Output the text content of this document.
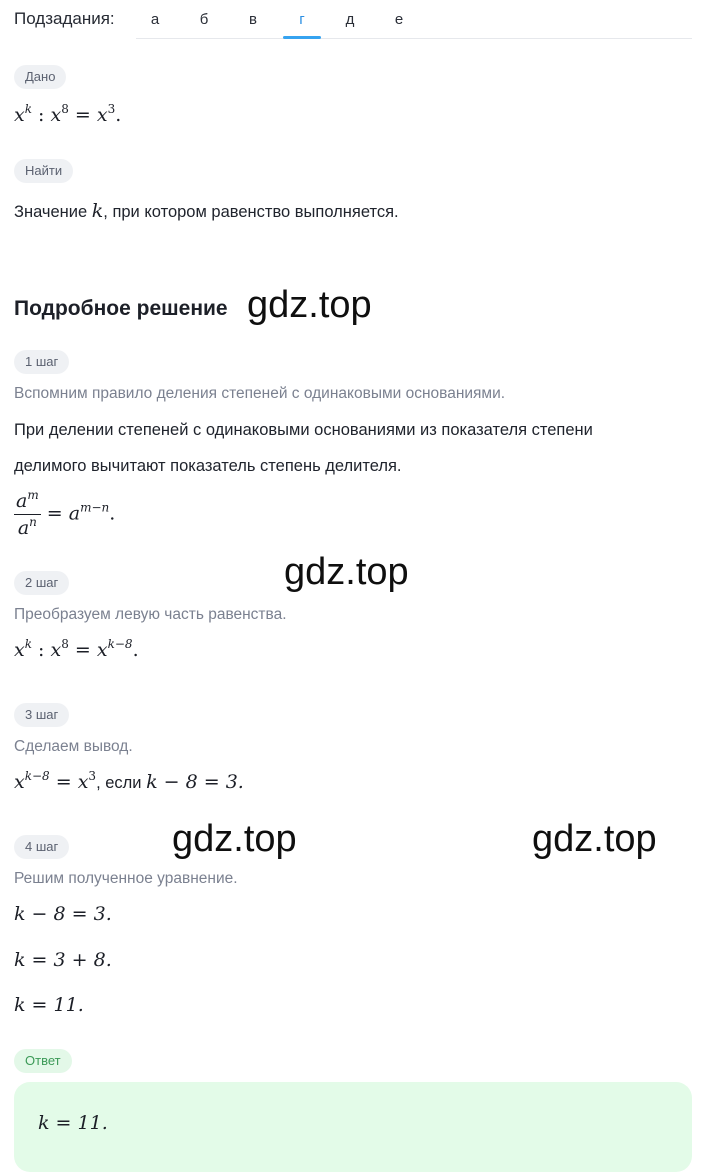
Подзадания:	а	б	в	г	д	е
Дано
$x^k$ : $x^8 = x^3$.
Найти
Значение k, при котором равенство выполняется.
Подробное решение
1 шаг
Вспомним правило деления степеней с одинаковыми основаниями.
При делении степеней с одинаковыми основаниями из показателя степени
делимого вычитают показатель степень делителя.
$\frac{a^m}{a^n} = a^{m-n}$.
2 шаг
Преобразуем левую часть равенства.
$x^k$ : $x^8 = x^{k-8}$.
3 шаг
Сделаем вывод.
$x^{k-8} = x^3$, если k − 8 = 3.
4 шаг
Решим полученное уравнение.
k − 8 = 3.
k = 3 + 8.
k = 11.
Ответ
k = 11.
gdz.top
gdz.top
gdz.top	gdz.top
